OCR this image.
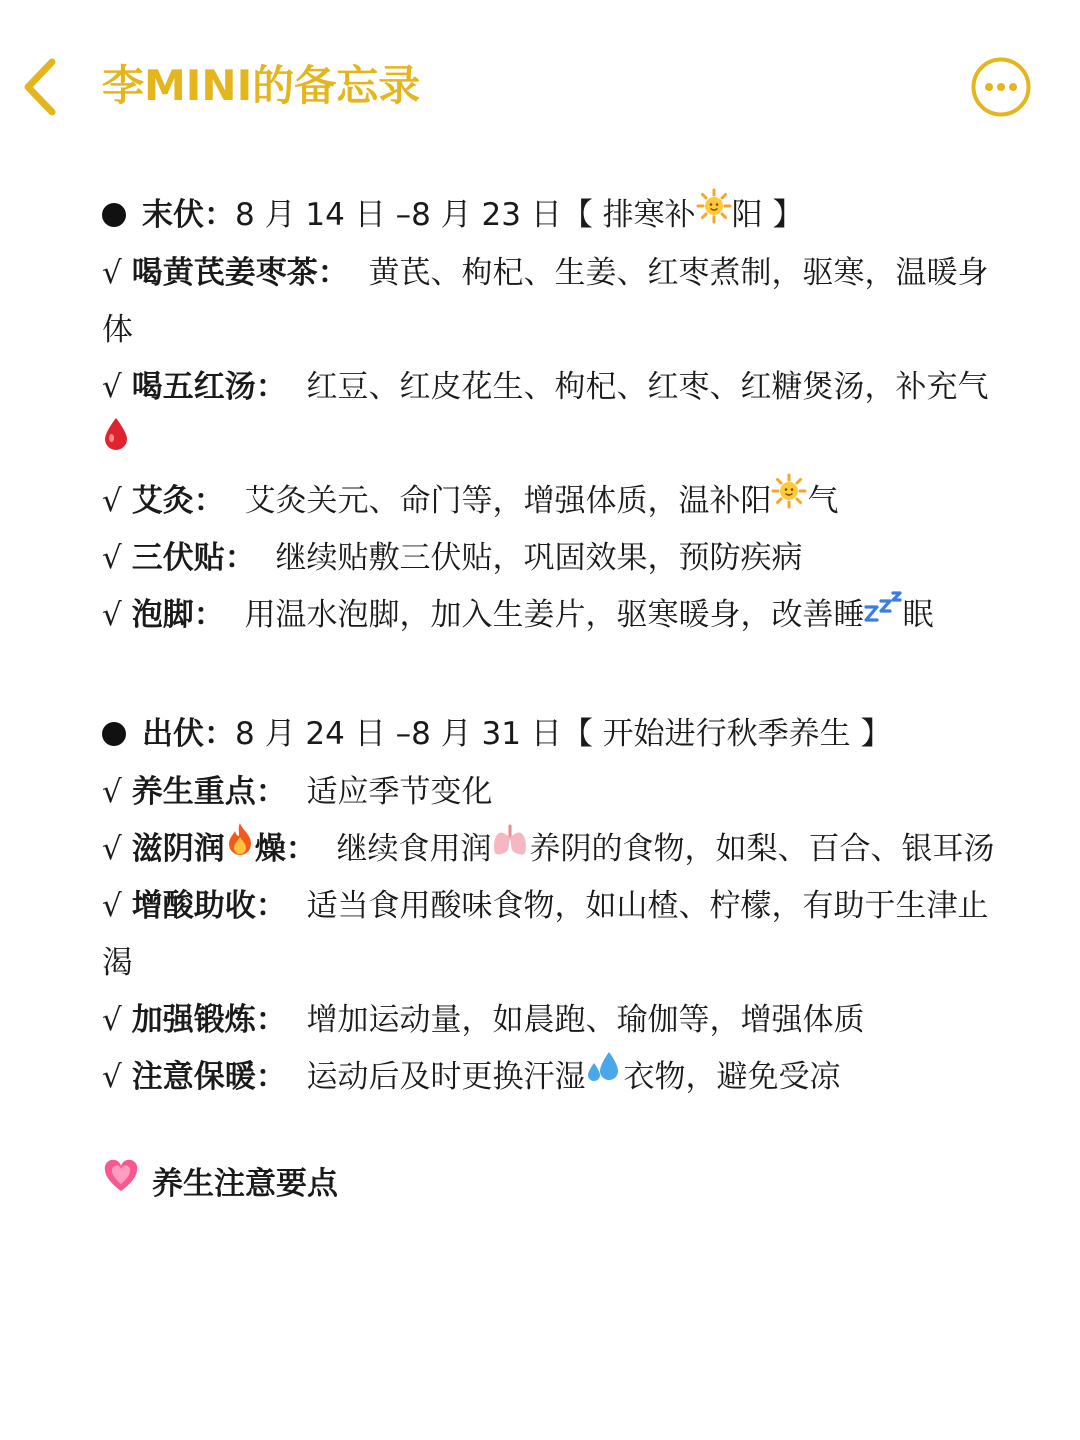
李MINI的备忘录
末伏：8 月 14 日 –8 月 23 日【 排寒补 阳 】
√ 喝黄芪姜枣茶： 黄芪、枸杞、生姜、红枣煮制，驱寒，温暖身体
√ 喝五红汤： 红豆、红皮花生、枸杞、红枣、红糖煲汤，补充气
√ 艾灸： 艾灸关元、命门等，增强体质，温补阳 气
√ 三伏贴： 继续贴敷三伏贴，巩固效果，预防疾病
√ 泡脚： 用温水泡脚，加入生姜片，驱寒暖身，改善睡 眠
出伏：8 月 24 日 –8 月 31 日【 开始进行秋季养生 】
√ 养生重点： 适应季节变化
√ 滋阴润 燥： 继续食用润 养阴的食物，如梨、百合、银耳汤
√ 增酸助收： 适当食用酸味食物，如山楂、柠檬，有助于生津止渴
√ 加强锻炼： 增加运动量，如晨跑、瑜伽等，增强体质
√ 注意保暖： 运动后及时更换汗湿 衣物，避免受凉
养生注意要点
